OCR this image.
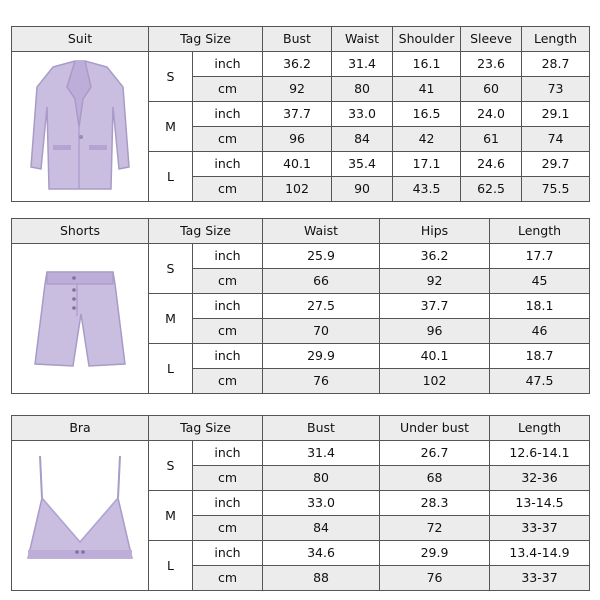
Suit	Tag Size		Bust	Waist	Shoulder	Sleeve	Length

	S	inch	36.2	31.4	16.1	23.6	28.7
		cm	92	80	41	60	73
	M	inch	37.7	33.0	16.5	24.0	29.1
		cm	96	84	42	61	74
	L	inch	40.1	35.4	17.1	24.6	29.7
		cm	102	90	43.5	62.5	75.5
Shorts	Tag Size		Waist	Hips	Length

	S	inch	25.9	36.2	17.7
		cm	66	92	45
	M	inch	27.5	37.7	18.1
		cm	70	96	46
	L	inch	29.9	40.1	18.7
		cm	76	102	47.5
Bra	Tag Size		Bust	Under bust	Length

	S	inch	31.4	26.7	12.6-14.1
		cm	80	68	32-36
	M	inch	33.0	28.3	13-14.5
		cm	84	72	33-37
	L	inch	34.6	29.9	13.4-14.9
		cm	88	76	33-37
